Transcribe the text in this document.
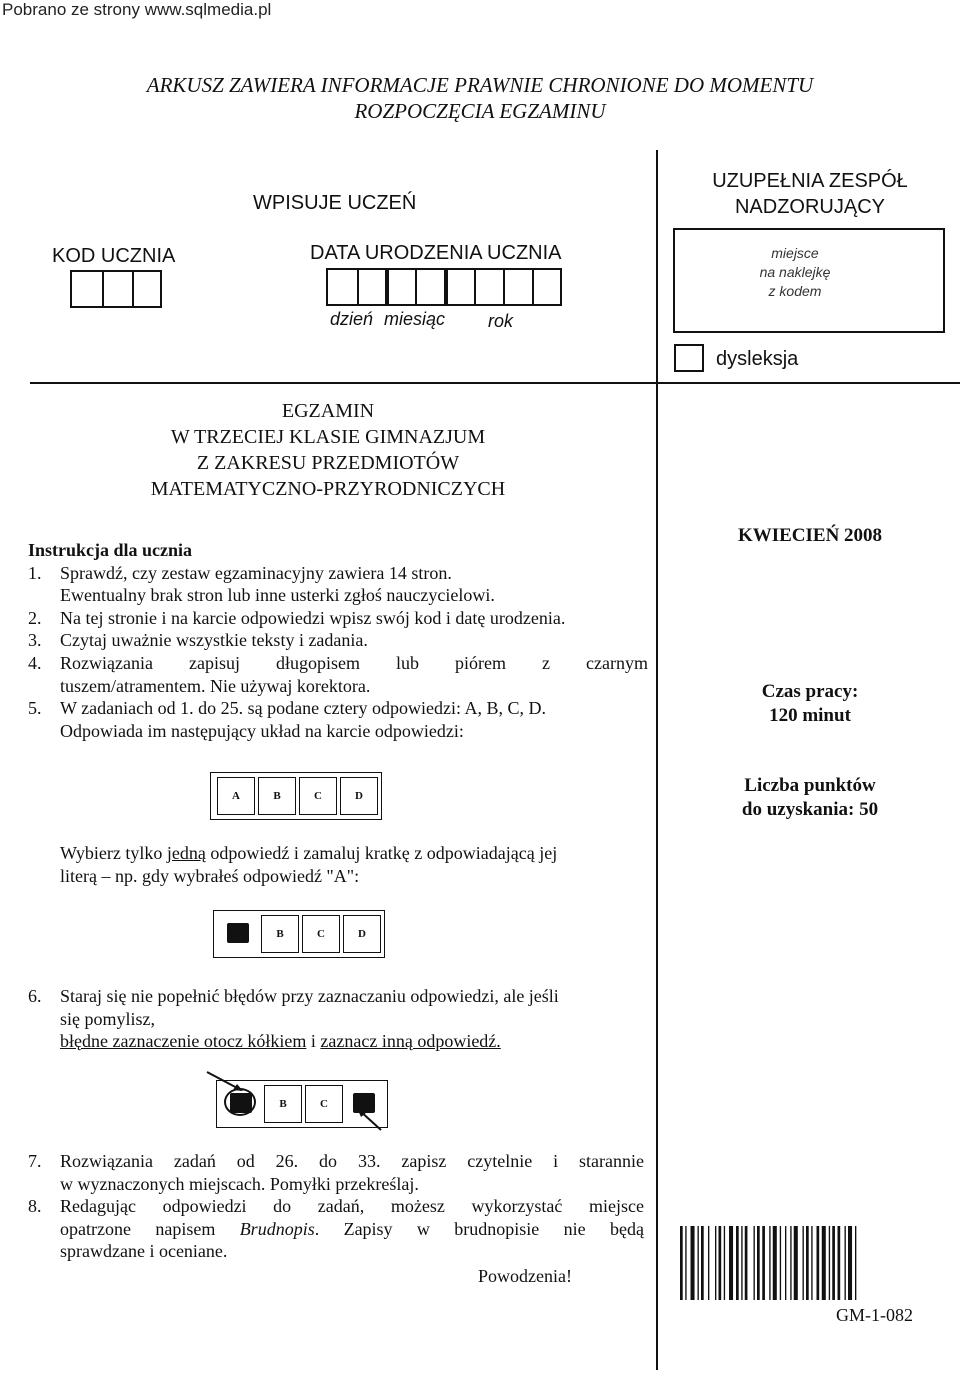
Pobrano ze strony www.sqlmedia.pl
ARKUSZ ZAWIERA INFORMACJE PRAWNIE CHRONIONE DO MOMENTU
ROZPOCZĘCIA EGZAMINU
WPISUJE UCZEŃ
KOD UCZNIA	DATA URODZENIA UCZNIA
dzień miesiąc rok
UZUPEŁNIA ZESPÓŁ
NADZORUJĄCY
miejsce
na naklejkę
z kodem
dysleksja
EGZAMIN
W TRZECIEJ KLASIE GIMNAZJUM
Z ZAKRESU PRZEDMIOTÓW
MATEMATYCZNO-PRZYRODNICZYCH

Instrukcja dla ucznia

1. Sprawdź, czy zestaw egzaminacyjny zawiera 14 stron.

Ewentualny brak stron lub inne usterki zgłoś nauczycielowi.

2. Na tej stronie i na karcie odpowiedzi wpisz swój kod i datę urodzenia.

3. Czytaj uważnie wszystkie teksty i zadania.

4.	Rozwiązania zapisuj długopisem lub piórem z czarnym

tuszem/atramentem. Nie używaj korektora.

5. W zadaniach od 1. do 25. są podane cztery odpowiedzi: A, B, C, D.

Odpowiada im następujący układ na karcie odpowiedzi:

A	B	C	D
Wybierz tylko jedną odpowiedź i zamaluj kratkę z odpowiadającą jej
literą – np. gdy wybrałeś odpowiedź "A":
B	C	D
6. Staraj się nie popełnić błędów przy zaznaczaniu odpowiedzi, ale jeśli
się pomylisz,
błędne zaznaczenie otocz kółkiem i zaznacz inną odpowiedź.
B	C
7.	Rozwiązania zadań od 26. do 33. zapisz czytelnie i starannie
w wyznaczonych miejscach. Pomyłki przekreślaj.
8.	Redagując odpowiedzi do zadań, możesz wykorzystać miejsce
opatrzone napisem Brudnopis. Zapisy w brudnopisie nie będą
sprawdzane i oceniane.
Powodzenia!
KWIECIEŃ 2008
Czas pracy:
120 minut
Liczba punktów
do uzyskania: 50
GM-1-082
